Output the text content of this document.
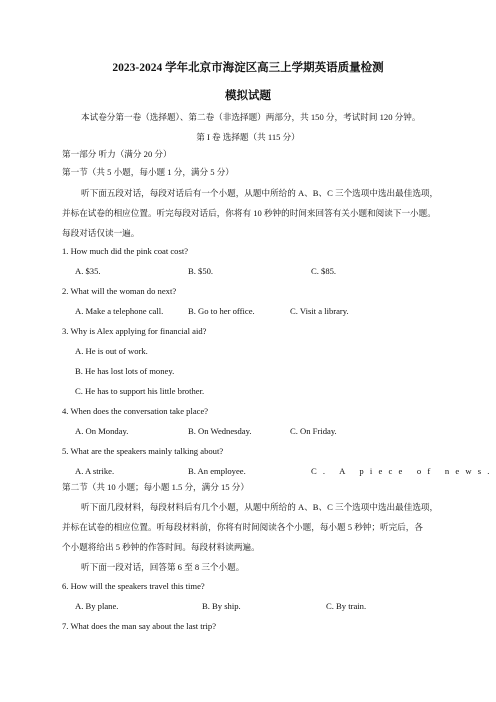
2023-2024 学年北京市海淀区高三上学期英语质量检测
模拟试题
本试卷分第一卷（选择题）、第二卷（非选择题）两部分，共 150 分，考试时间 120 分钟。
第 I 卷 选择题（共 115 分）
第一部分 听力（满分 20 分）
第一节（共 5 小题，每小题 1 分，满分 5 分）
听下面五段对话，每段对话后有一个小题，从题中所给的 A、B、C 三个选项中选出最佳选项，
并标在试卷的相应位置。听完每段对话后，你将有 10 秒钟的时间来回答有关小题和阅读下一小题。
每段对话仅读一遍。
1. How much did the pink coat cost?
A. $35.	B. $50.	C. $85.
2. What will the woman do next?
A. Make a telephone call.	B. Go to her office.	C. Visit a library.
3. Why is Alex applying for financial aid?
A. He is out of work.
B. He has lost lots of money.
C. He has to support his little brother.
4. When does the conversation take place?
A. On Monday.	B. On Wednesday.	C. On Friday.
5. What are the speakers mainly talking about?
A. A strike.	B. An employee.	C. A piece of news.
第二节（共 10 小题；每小题 1.5 分，满分 15 分）
听下面几段材料，每段材料后有几个小题，从题中所给的 A、B、C 三个选项中选出最佳选项，
并标在试卷的相应位置。听每段材料前，你将有时间阅读各个小题，每小题 5 秒钟；听完后，各
个小题将给出 5 秒钟的作答时间。每段材料读两遍。
听下面一段对话，回答第 6 至 8 三个小题。
6. How will the speakers travel this time?
A. By plane.	B. By ship.	C. By train.
7. What does the man say about the last trip?
